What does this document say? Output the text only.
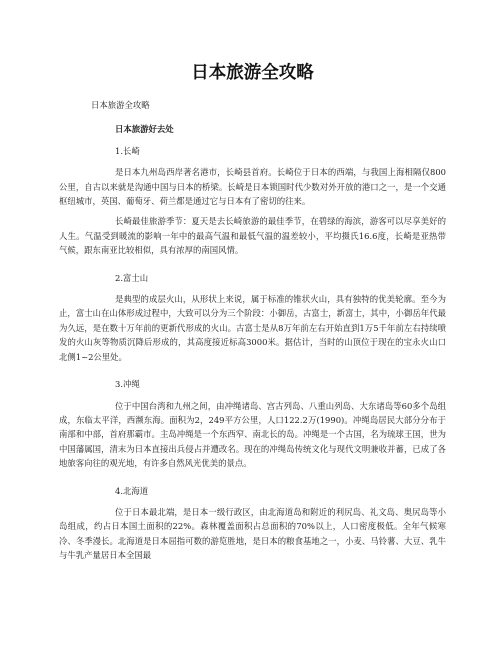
日本旅游全攻略

日本旅游全攻略

日本旅游好去处

1.长崎

是日本九州岛西岸著名港市，长崎县首府。长崎位于日本的西端，与我国上海相隔仅800公里，自古以来就是沟通中国与日本的桥梁。长崎是日本锁国时代少数对外开放的港口之一，是一个交通枢纽城市，英国、葡萄牙、荷兰都是通过它与日本有了密切的往来。

长崎最佳旅游季节：夏天是去长崎旅游的最佳季节，在碧绿的海滨，游客可以尽享美好的人生。气温受到暖流的影响一年中的最高气温和最低气温的温差较小，平均摄氏16.6度，长崎是亚热带气候，跟东南亚比较相似，具有浓厚的南国风情。

2.富士山

是典型的成层火山，从形状上来说，属于标准的锥状火山，具有独特的优美轮廓。至今为止，富士山在山体形成过程中，大致可以分为三个阶段：小御岳，古富士，新富士，其中，小御岳年代最为久远，是在数十万年前的更新代形成的火山。古富士是从8万年前左右开始直到1万5千年前左右持续喷发的火山灰等物质沉降后形成的，其高度接近标高3000米。据估计，当时的山顶位于现在的宝永火山口北侧1~2公里处。

3.冲绳

位于中国台湾和九州之间，由冲绳诸岛、宫古列岛、八重山列岛、大东诸岛等60多个岛组成，东临太平洋，西濒东海。面积为2，249平方公里，人口122.2万(1990)。冲绳岛居民大部分分布于南部和中部，首府那霸市。主岛冲绳是一个东西窄、南北长的岛。冲绳是一个古国，名为琉球王国，世为中国藩属国，清末为日本直接出兵侵占并遭改名。现在的冲绳岛传统文化与现代文明兼收并蓄，已成了各地旅客向往的观光地，有许多自然风光优美的景点。

4.北海道

位于日本最北端，是日本一级行政区，由北海道岛和附近的利尻岛、礼文岛、奥尻岛等小岛组成，约占日本国土面积的22%。森林覆盖面积占总面积的70%以上，人口密度极低。全年气候寒冷、冬季漫长。北海道是日本屈指可数的游览胜地，是日本的粮食基地之一，小麦、马铃薯、大豆、乳牛与牛乳产量居日本全国最
